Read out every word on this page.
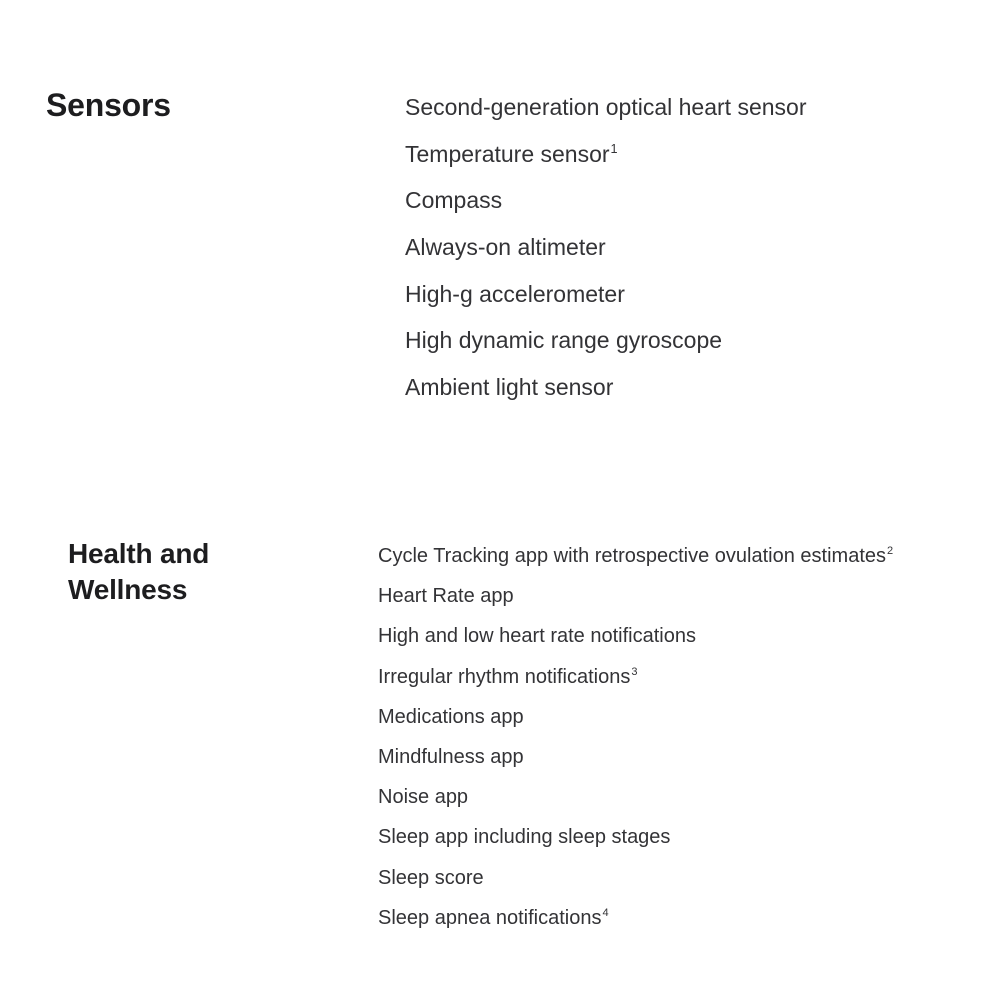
Sensors	Second-generation optical heart sensor
Temperature sensor$^1$
Compass
Always-on altimeter
High-g accelerometer
High dynamic range gyroscope
Ambient light sensor
Health and
Wellness
Cycle Tracking app with retrospective ovulation estimates$^2$
Heart Rate app
High and low heart rate notifications
Irregular rhythm notifications$^3$
Medications app
Mindfulness app
Noise app
Sleep app including sleep stages
Sleep score
Sleep apnea notifications$^4$
